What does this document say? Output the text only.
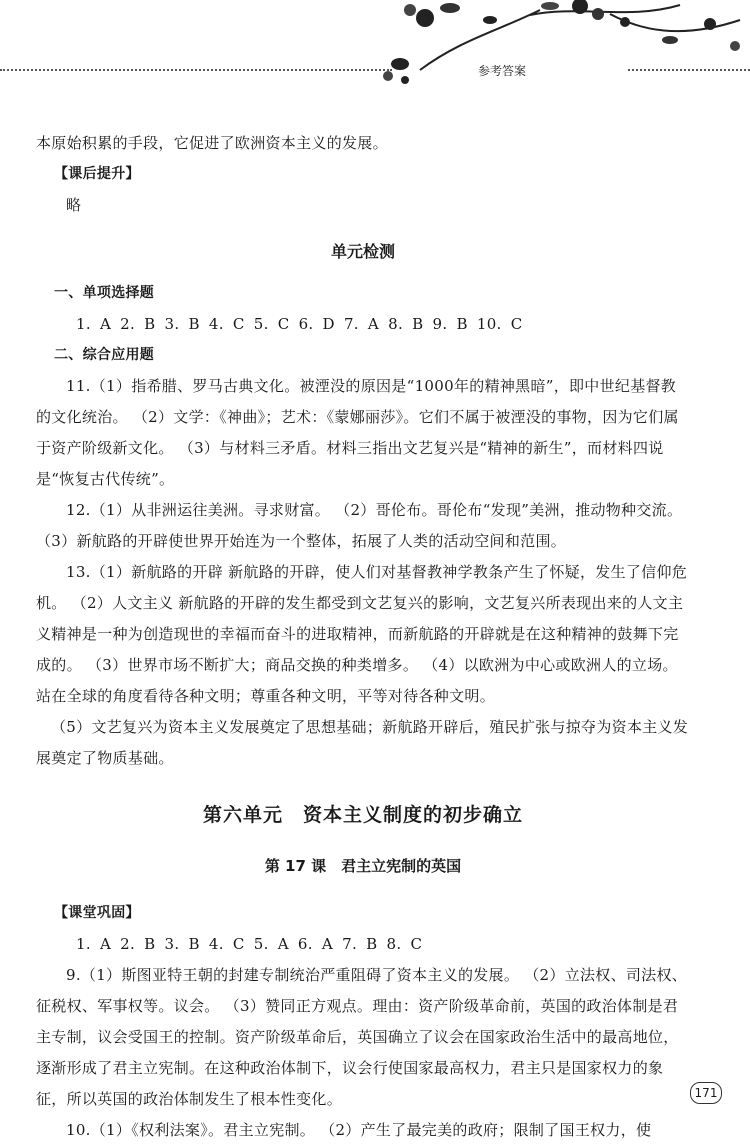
参考答案

本原始积累的手段，它促进了欧洲资本主义的发展。

【课后提升】

略

单元检测

一、单项选择题

1. A 2. B 3. B 4. C 5. C 6. D 7. A 8. B 9. B 10. C

二、综合应用题

11.（1）指希腊、罗马古典文化。被湮没的原因是“1000年的精神黑暗”，即中世纪基督教的文化统治。 （2）文学：《神曲》；艺术：《蒙娜丽莎》。它们不属于被湮没的事物，因为它们属于资产阶级新文化。 （3）与材料三矛盾。材料三指出文艺复兴是“精神的新生”，而材料四说是“恢复古代传统”。

12.（1）从非洲运往美洲。寻求财富。 （2）哥伦布。哥伦布“发现”美洲，推动物种交流。 （3）新航路的开辟使世界开始连为一个整体，拓展了人类的活动空间和范围。

13.（1）新航路的开辟 新航路的开辟，使人们对基督教神学教条产生了怀疑，发生了信仰危机。 （2）人文主义 新航路的开辟的发生都受到文艺复兴的影响，文艺复兴所表现出来的人文主义精神是一种为创造现世的幸福而奋斗的进取精神，而新航路的开辟就是在这种精神的鼓舞下完成的。 （3）世界市场不断扩大；商品交换的种类增多。 （4）以欧洲为中心或欧洲人的立场。站在全球的角度看待各种文明；尊重各种文明，平等对待各种文明。

（5）文艺复兴为资本主义发展奠定了思想基础；新航路开辟后，殖民扩张与掠夺为资本主义发展奠定了物质基础。

第六单元　资本主义制度的初步确立
第 17 课　君主立宪制的英国

【课堂巩固】

1. A 2. B 3. B 4. C 5. A 6. A 7. B 8. C

9.（1）斯图亚特王朝的封建专制统治严重阻碍了资本主义的发展。 （2）立法权、司法权、征税权、军事权等。议会。 （3）赞同正方观点。理由：资产阶级革命前，英国的政治体制是君主专制，议会受国王的控制。资产阶级革命后，英国确立了议会在国家政治生活中的最高地位，逐渐形成了君主立宪制。在这种政治体制下，议会行使国家最高权力，君主只是国家权力的象征，所以英国的政治体制发生了根本性变化。

10.（1）《权利法案》。君主立宪制。 （2）产生了最完美的政府；限制了国王权力，使

171
